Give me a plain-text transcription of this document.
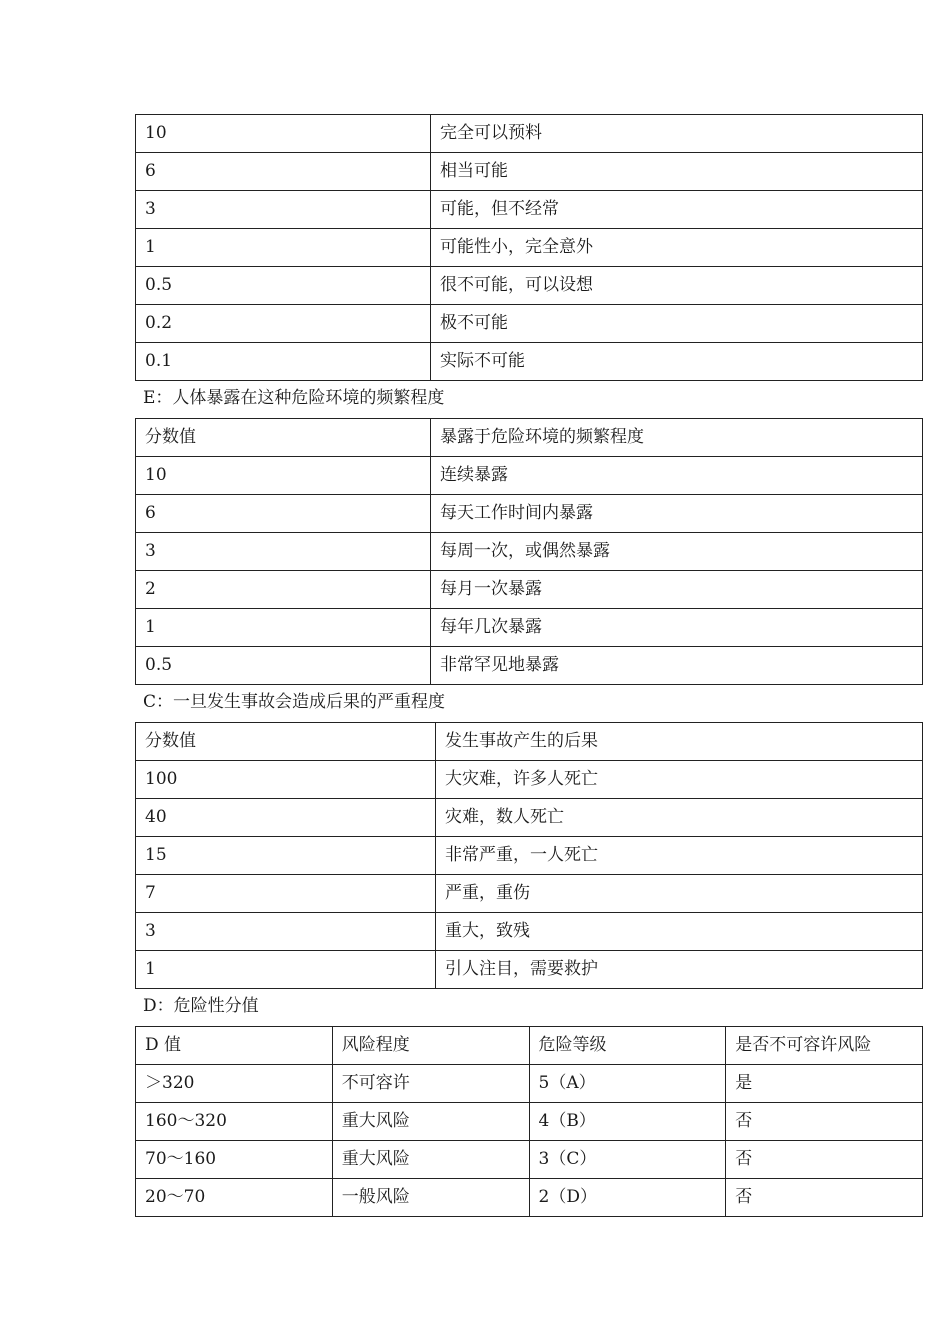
10	完全可以预料
6	相当可能
3	可能，但不经常
1	可能性小，完全意外
0.5	很不可能，可以设想
0.2	极不可能
0.1	实际不可能
E：人体暴露在这种危险环境的频繁程度
分数值	暴露于危险环境的频繁程度
10	连续暴露
6	每天工作时间内暴露
3	每周一次，或偶然暴露
2	每月一次暴露
1	每年几次暴露
0.5	非常罕见地暴露
C：一旦发生事故会造成后果的严重程度
分数值	发生事故产生的后果
100	大灾难，许多人死亡
40	灾难，数人死亡
15	非常严重，一人死亡
7	严重，重伤
3	重大，致残
1	引人注目，需要救护
D：危险性分值
D 值	风险程度	危险等级	是否不可容许风险
＞320	不可容许	5（A）	是
160～320	重大风险	4（B）	否
70～160	重大风险	3（C）	否
20～70	一般风险	2（D）	否
